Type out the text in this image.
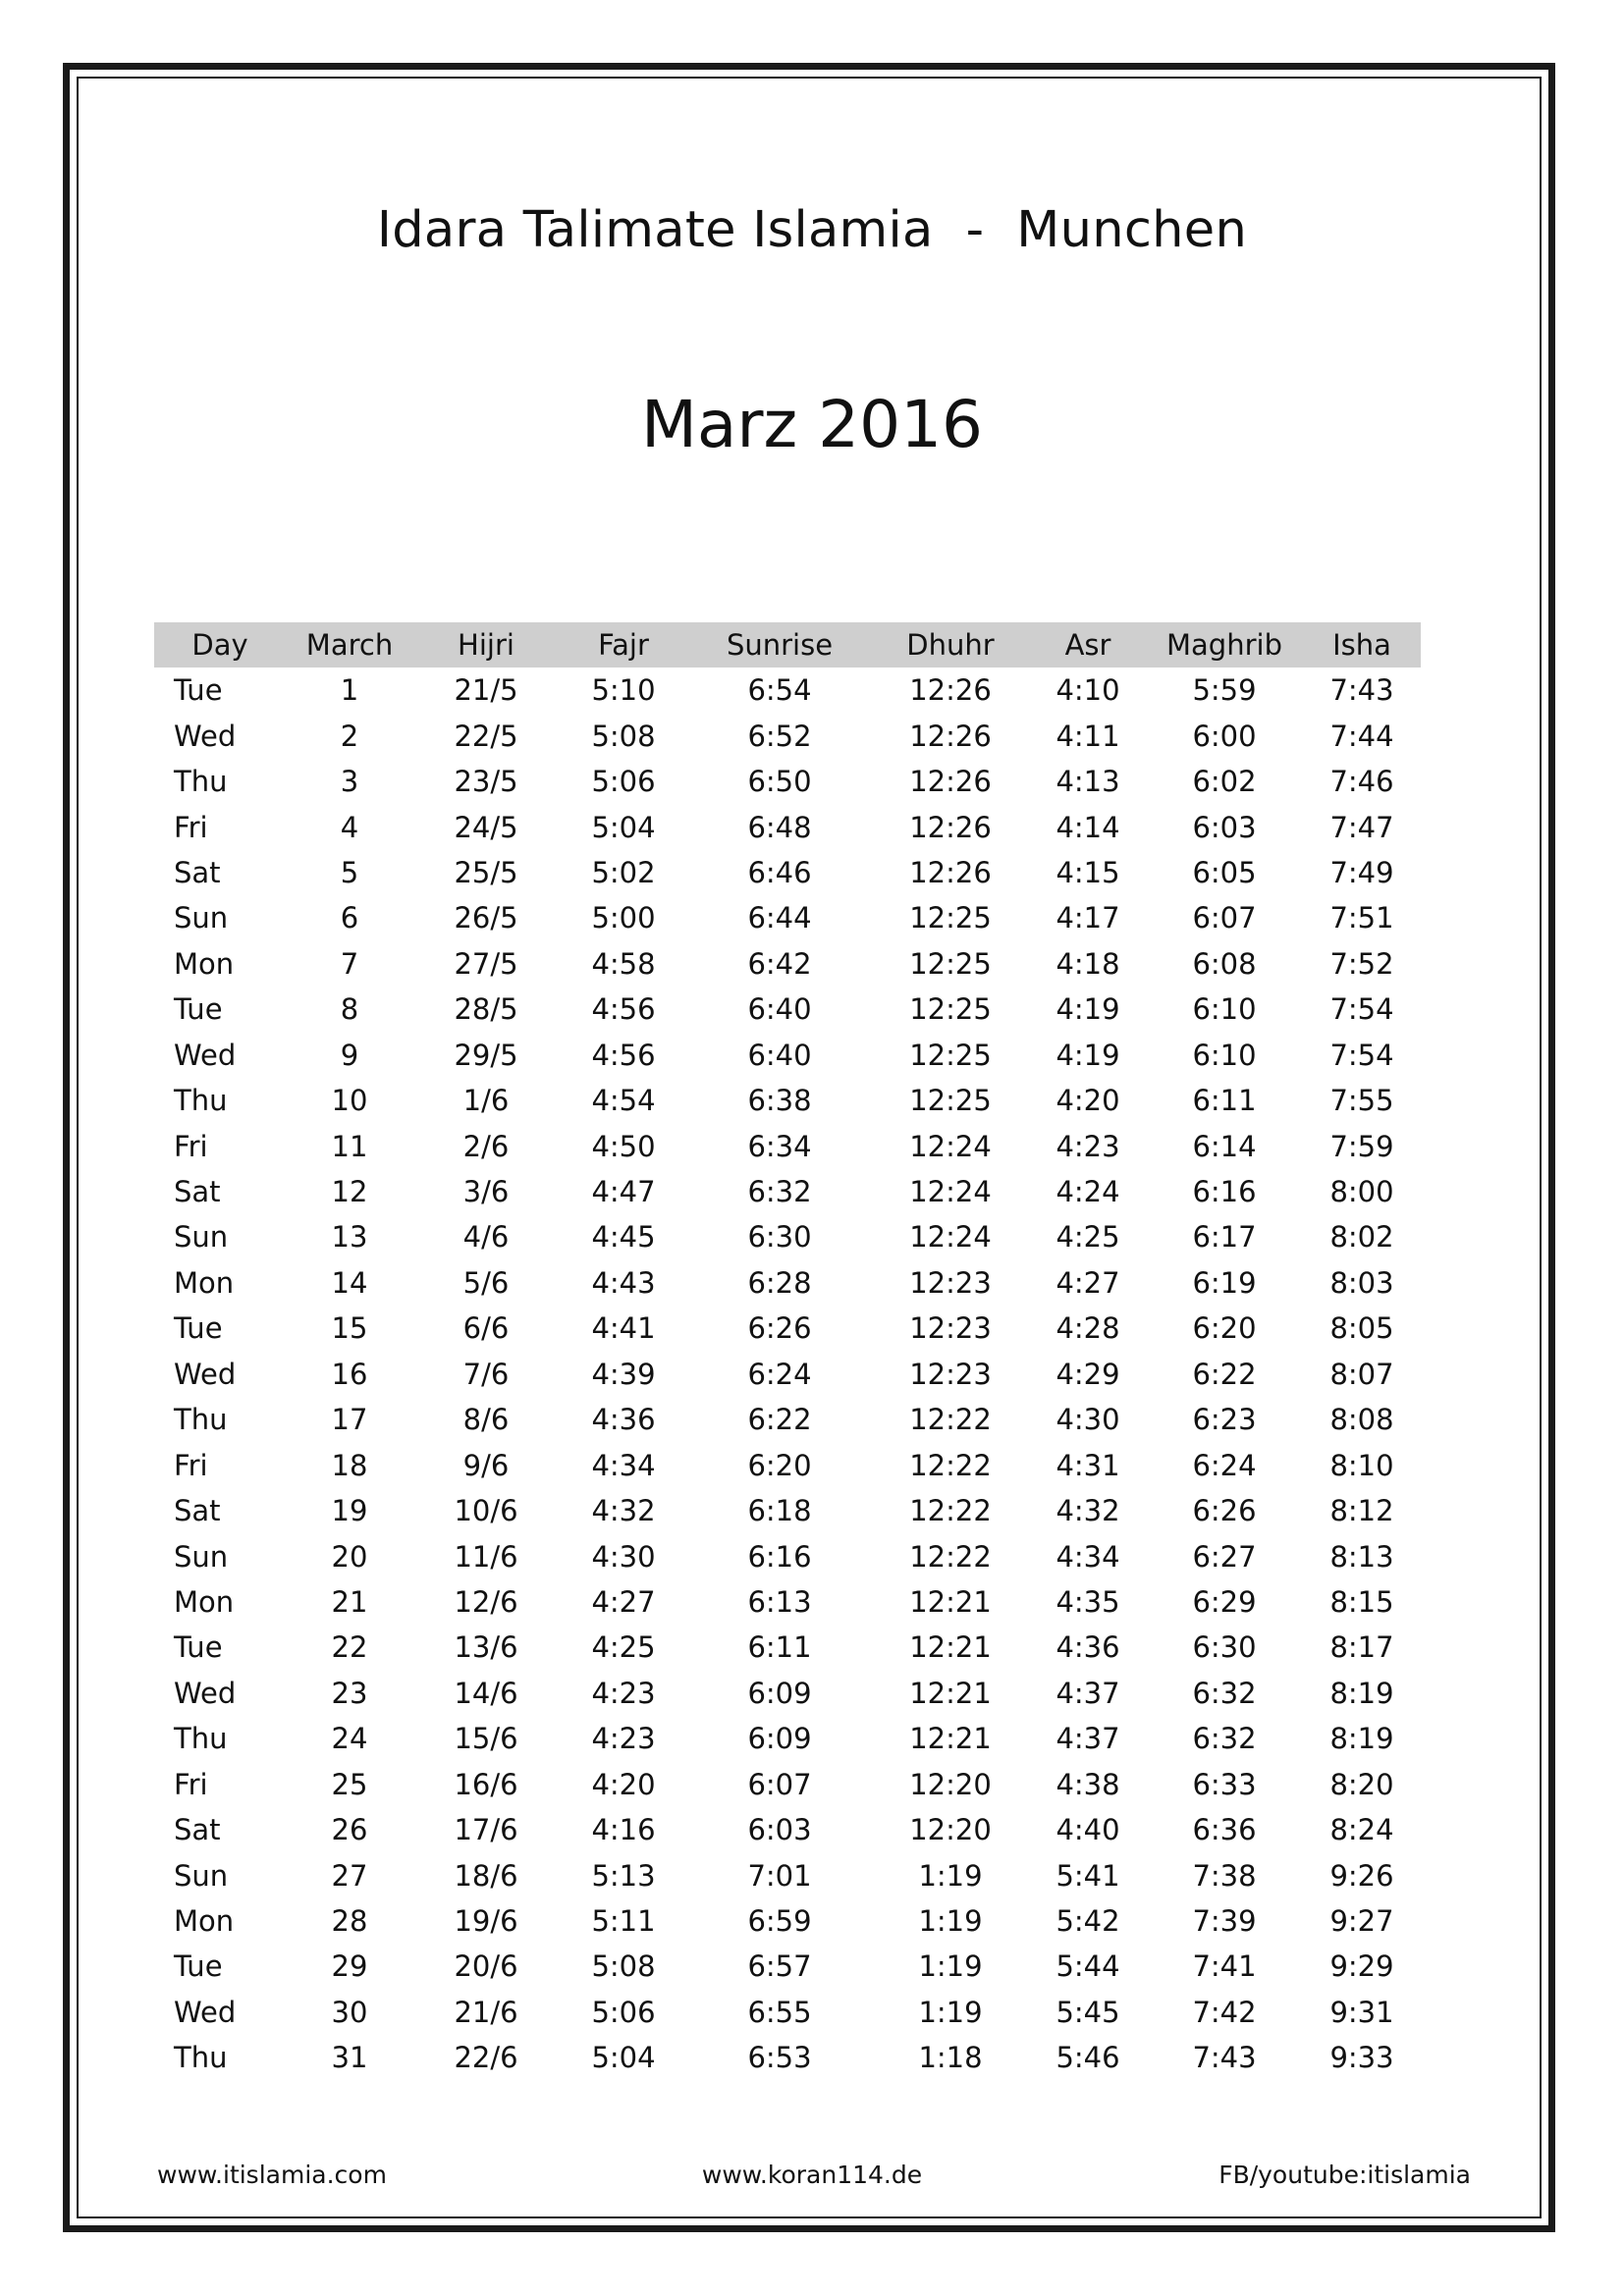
Idara Talimate Islamia  -  Munchen
Marz 2016
Day	March	Hijri	Fajr	Sunrise	Dhuhr	Asr	Maghrib	Isha
Tue	1	21/5	5:10	6:54	12:26	4:10	5:59	7:43
Wed	2	22/5	5:08	6:52	12:26	4:11	6:00	7:44
Thu	3	23/5	5:06	6:50	12:26	4:13	6:02	7:46
Fri	4	24/5	5:04	6:48	12:26	4:14	6:03	7:47
Sat	5	25/5	5:02	6:46	12:26	4:15	6:05	7:49
Sun	6	26/5	5:00	6:44	12:25	4:17	6:07	7:51
Mon	7	27/5	4:58	6:42	12:25	4:18	6:08	7:52
Tue	8	28/5	4:56	6:40	12:25	4:19	6:10	7:54
Wed	9	29/5	4:56	6:40	12:25	4:19	6:10	7:54
Thu	10	1/6	4:54	6:38	12:25	4:20	6:11	7:55
Fri	11	2/6	4:50	6:34	12:24	4:23	6:14	7:59
Sat	12	3/6	4:47	6:32	12:24	4:24	6:16	8:00
Sun	13	4/6	4:45	6:30	12:24	4:25	6:17	8:02
Mon	14	5/6	4:43	6:28	12:23	4:27	6:19	8:03
Tue	15	6/6	4:41	6:26	12:23	4:28	6:20	8:05
Wed	16	7/6	4:39	6:24	12:23	4:29	6:22	8:07
Thu	17	8/6	4:36	6:22	12:22	4:30	6:23	8:08
Fri	18	9/6	4:34	6:20	12:22	4:31	6:24	8:10
Sat	19	10/6	4:32	6:18	12:22	4:32	6:26	8:12
Sun	20	11/6	4:30	6:16	12:22	4:34	6:27	8:13
Mon	21	12/6	4:27	6:13	12:21	4:35	6:29	8:15
Tue	22	13/6	4:25	6:11	12:21	4:36	6:30	8:17
Wed	23	14/6	4:23	6:09	12:21	4:37	6:32	8:19
Thu	24	15/6	4:23	6:09	12:21	4:37	6:32	8:19
Fri	25	16/6	4:20	6:07	12:20	4:38	6:33	8:20
Sat	26	17/6	4:16	6:03	12:20	4:40	6:36	8:24
Sun	27	18/6	5:13	7:01	1:19	5:41	7:38	9:26
Mon	28	19/6	5:11	6:59	1:19	5:42	7:39	9:27
Tue	29	20/6	5:08	6:57	1:19	5:44	7:41	9:29
Wed	30	21/6	5:06	6:55	1:19	5:45	7:42	9:31
Thu	31	22/6	5:04	6:53	1:18	5:46	7:43	9:33
www.itislamia.com	www.koran114.de	FB/youtube:itislamia
